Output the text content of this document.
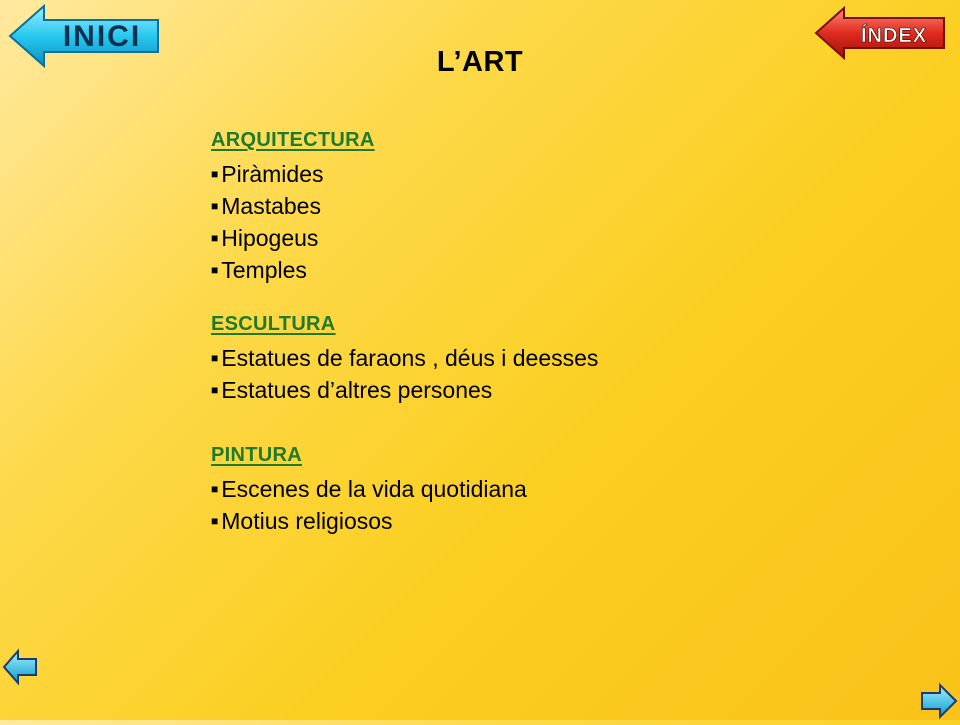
INICI	ÍNDEX
L’ART
ARQUITECTURA
■ Piràmides
■ Mastabes
■ Hipogeus
■ Temples
ESCULTURA
■ Estatues de faraons , déus i deesses
■ Estatues d’altres persones
PINTURA
■ Escenes de la vida quotidiana
■ Motius religiosos
